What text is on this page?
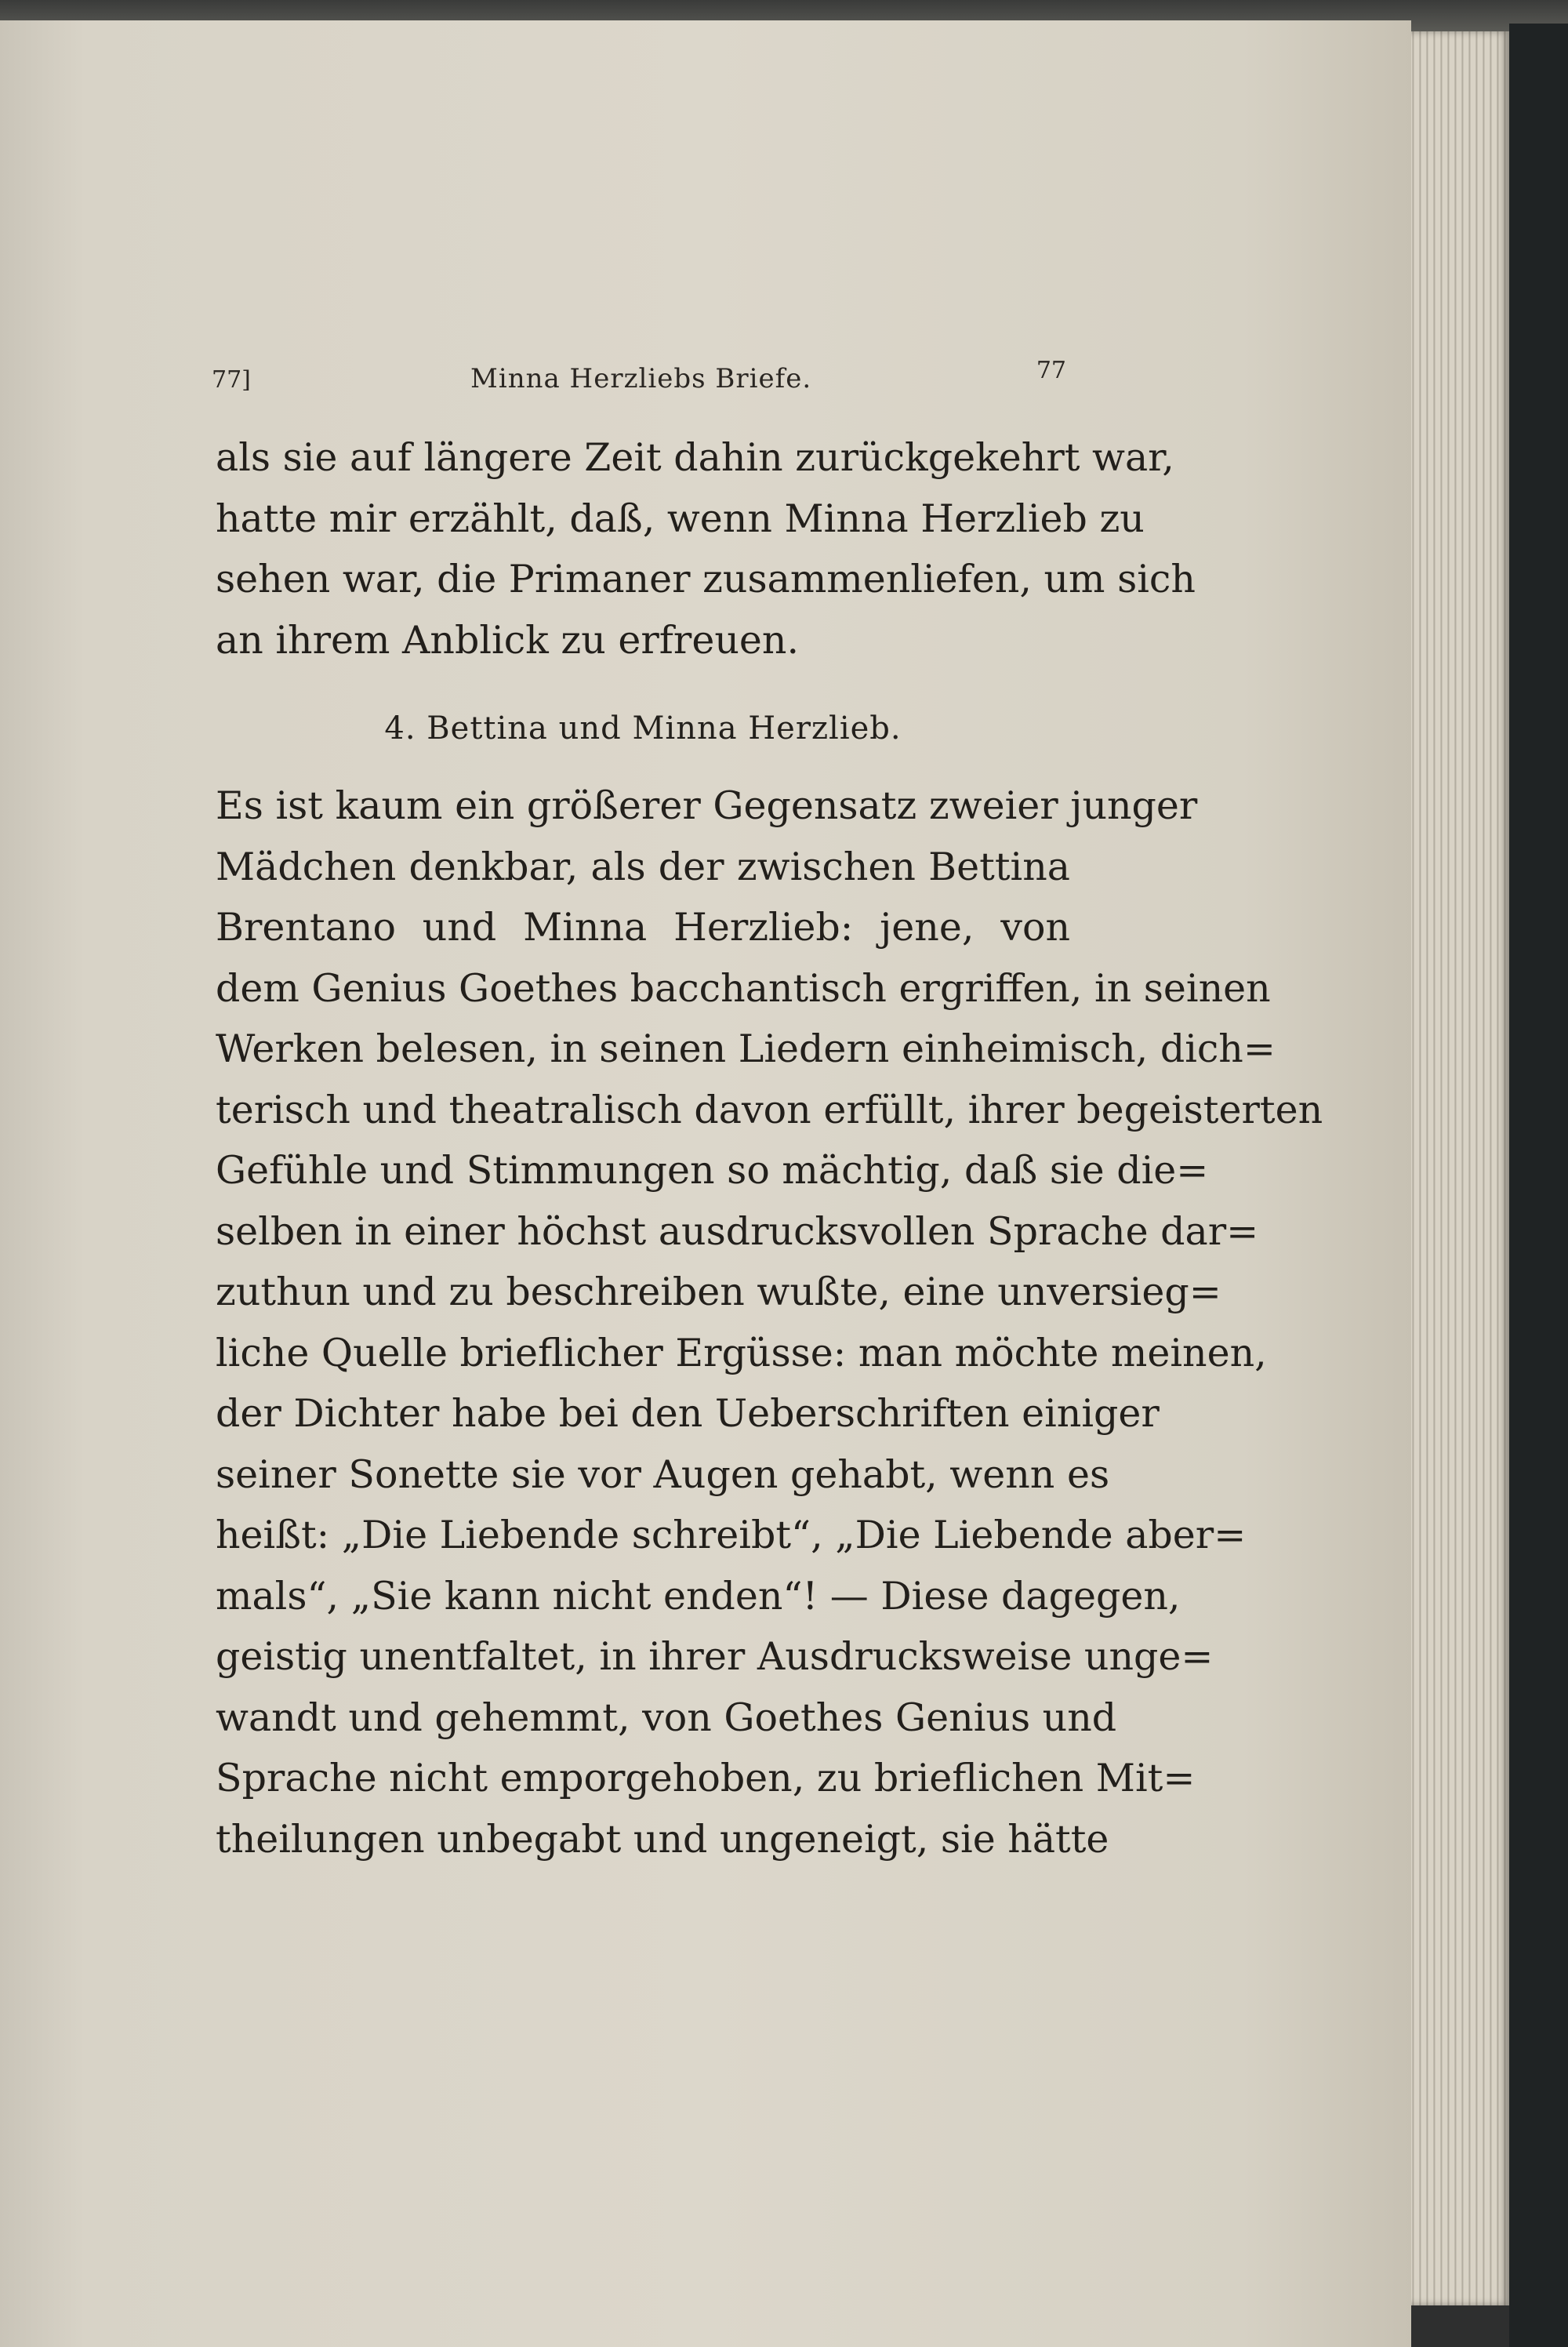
77]	Minna Herzliebs Briefe.	77
als sie auf längere Zeit dahin zurückgekehrt war,
hatte mir erzählt, daß, wenn Minna Herzlieb zu
sehen war, die Primaner zusammenliefen, um sich
an ihrem Anblick zu erfreuen.
4. Bettina und Minna Herzlieb.
Es ist kaum ein größerer Gegensatz zweier junger
Mädchen denkbar, als der zwischen Bettina
Brentano und Minna Herzlieb: jene, von
dem Genius Goethes bacchantisch ergriffen, in seinen
Werken belesen, in seinen Liedern einheimisch, dich=
terisch und theatralisch davon erfüllt, ihrer begeisterten
Gefühle und Stimmungen so mächtig, daß sie die=
selben in einer höchst ausdrucksvollen Sprache dar=
zuthun und zu beschreiben wußte, eine unversieg=
liche Quelle brieflicher Ergüsse: man möchte meinen,
der Dichter habe bei den Ueberschriften einiger
seiner Sonette sie vor Augen gehabt, wenn es
heißt: „Die Liebende schreibt“, „Die Liebende aber=
mals“, „Sie kann nicht enden“! — Diese dagegen,
geistig unentfaltet, in ihrer Ausdrucksweise unge=
wandt und gehemmt, von Goethes Genius und
Sprache nicht emporgehoben, zu brieflichen Mit=
theilungen unbegabt und ungeneigt, sie hätte
